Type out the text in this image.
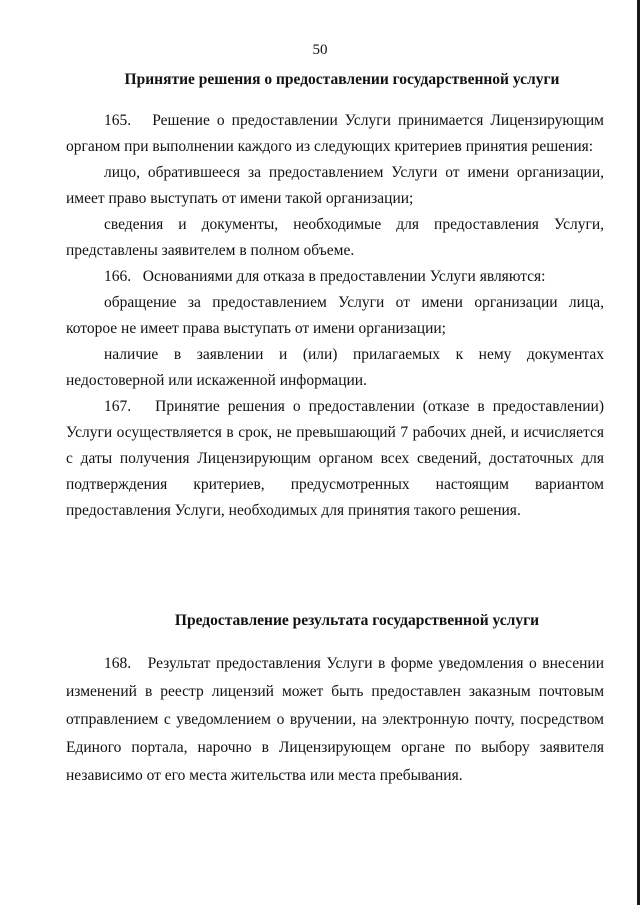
50
Принятие решения о предоставлении государственной услуги

165.   Решение о предоставлении Услуги принимается Лицензирующим органом при выполнении каждого из следующих критериев принятия решения:

лицо, обратившееся за предоставлением Услуги от имени организации, имеет право выступать от имени такой организации;

сведения и документы, необходимые для предоставления Услуги, представлены заявителем в полном объеме.

166.   Основаниями для отказа в предоставлении Услуги являются:

обращение за предоставлением Услуги от имени организации лица, которое не имеет права выступать от имени организации;

наличие в заявлении и (или) прилагаемых к нему документах недостоверной или искаженной информации.

167.   Принятие решения о предоставлении (отказе в предоставлении) Услуги осуществляется в срок, не превышающий 7 рабочих дней, и исчисляется с даты получения Лицензирующим органом всех сведений, достаточных для подтверждения критериев, предусмотренных настоящим вариантом предоставления Услуги, необходимых для принятия такого решения.

Предоставление результата государственной услуги

168.   Результат предоставления Услуги в форме уведомления о внесении изменений в реестр лицензий может быть предоставлен заказным почтовым отправлением с уведомлением о вручении, на электронную почту, посредством Единого портала, нарочно в Лицензирующем органе по выбору заявителя независимо от его места жительства или места пребывания.
